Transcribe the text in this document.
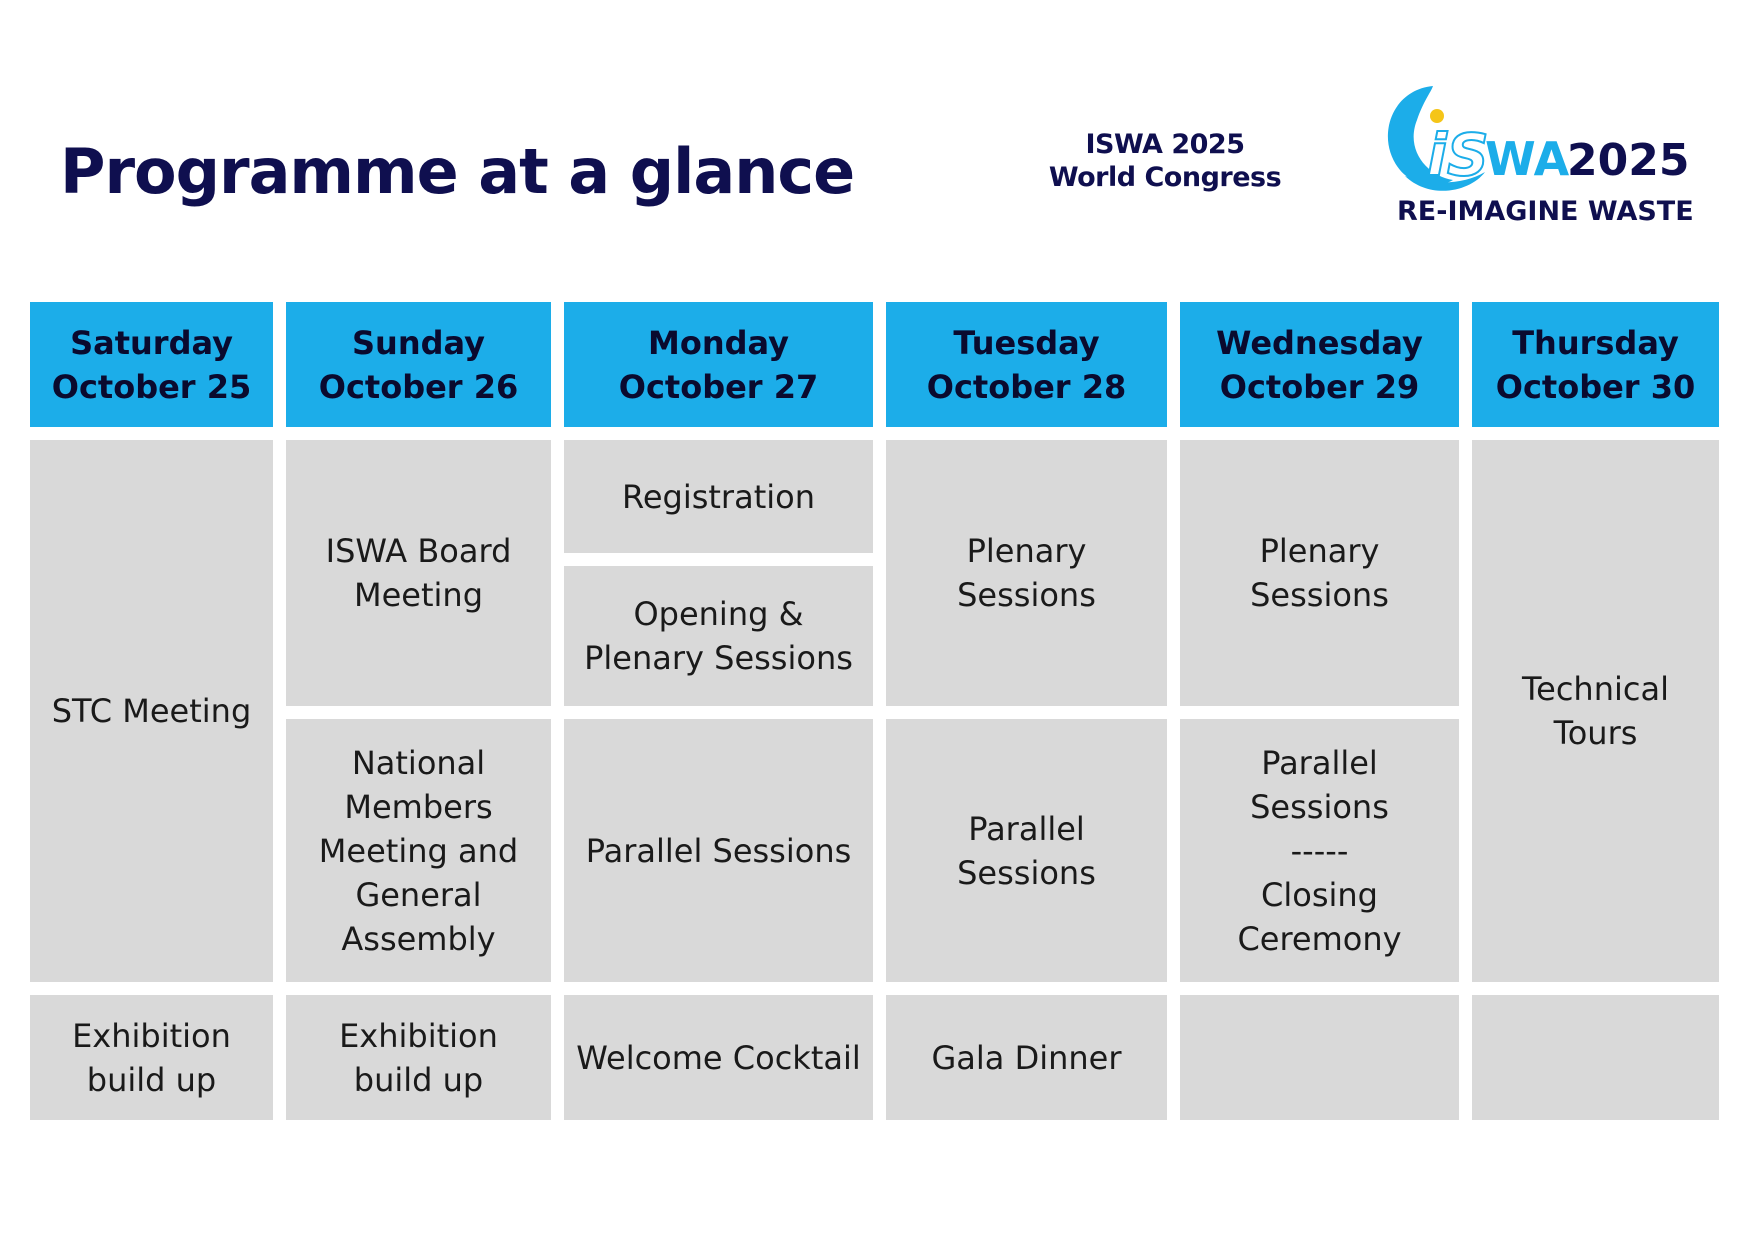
Programme at a glance	ISWA 2025 World Congress	i S
WA
2025
RE-IMAGINE WASTE
Saturday
October 25
Sunday
October 26
Monday
October 27
Tuesday
October 28
Wednesday
October 29
Thursday
October 30
STC Meeting
Exhibition build up
ISWA Board Meeting
National Members Meeting and General Assembly
Exhibition build up
Registration
Opening & Plenary Sessions
Parallel Sessions
Welcome Cocktail
Plenary Sessions
Parallel Sessions
Gala Dinner
Plenary Sessions
Parallel Sessions
-----
Closing Ceremony
Technical Tours
